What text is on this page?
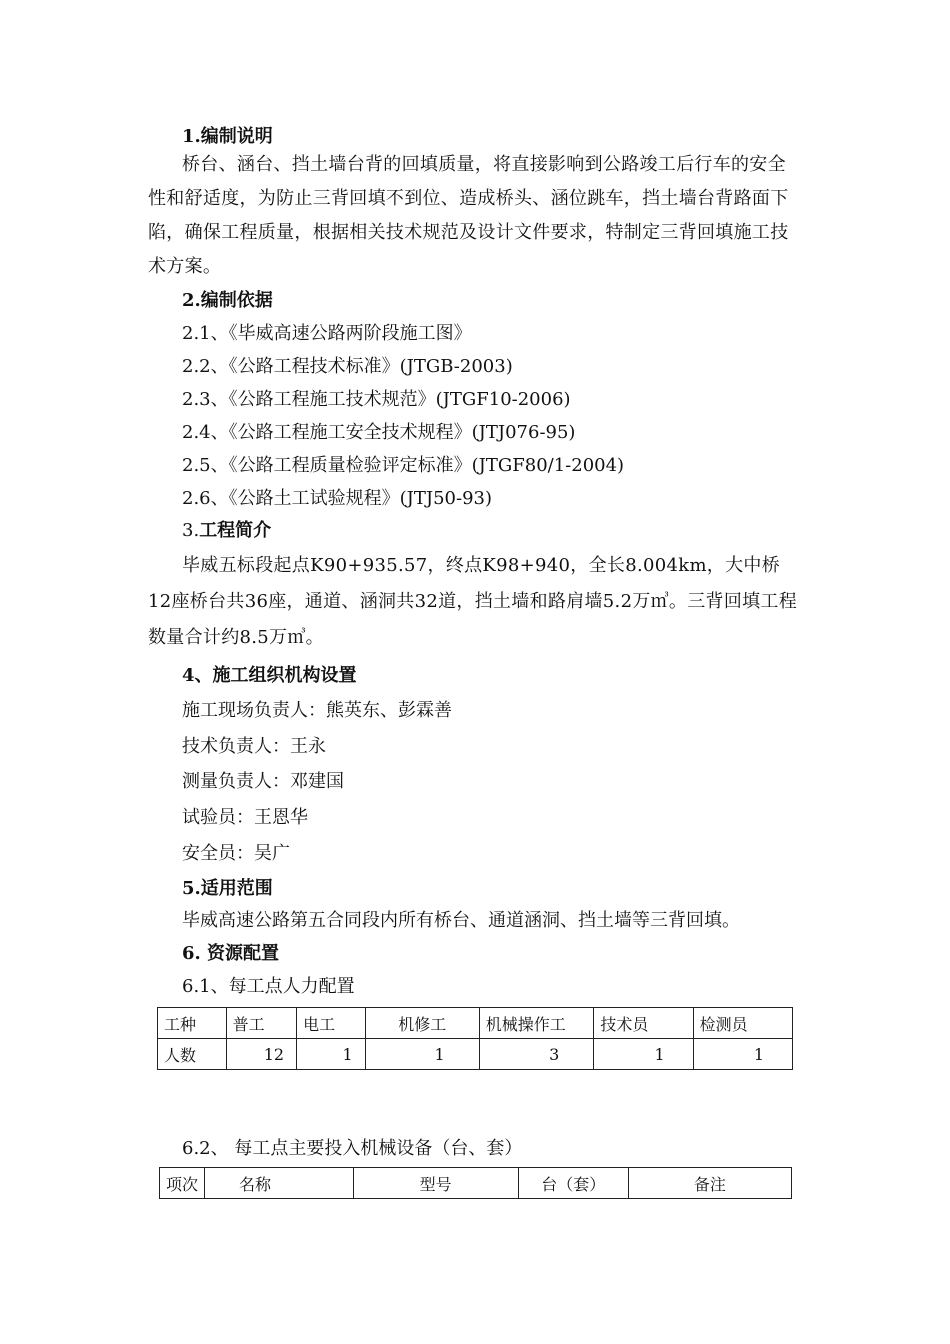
1.编制说明
桥台、涵台、挡土墙台背的回填质量，将直接影响到公路竣工后行车的安全性和舒适度，为防止三背回填不到位、造成桥头、涵位跳车，挡土墙台背路面下陷，确保工程质量，根据相关技术规范及设计文件要求，特制定三背回填施工技术方案。
2.编制依据
2.1、《毕威高速公路两阶段施工图》
2.2、《公路工程技术标准》(JTGB-2003)
2.3、《公路工程施工技术规范》(JTGF10-2006)
2.4、《公路工程施工安全技术规程》(JTJ076-95)
2.5、《公路工程质量检验评定标准》(JTGF80/1-2004)
2.6、《公路土工试验规程》(JTJ50-93)
3.工程简介
毕威五标段起点K90+935.57，终点K98+940，全长8.004km，大中桥12座桥台共36座，通道、涵洞共32道，挡土墙和路肩墙5.2万㎥。三背回填工程数量合计约8.5万㎥。
4、施工组织机构设置
施工现场负责人：熊英东、彭霖善
技术负责人：王永
测量负责人：邓建国
试验员：王恩华
安全员：吴广
5.适用范围
毕威高速公路第五合同段内所有桥台、通道涵洞、挡土墙等三背回填。
6. 资源配置
6.1、每工点人力配置
工种	普工	电工	机修工	机械操作工	技术员	检测员
人数	12	1	1	3	1	1
6.2、 每工点主要投入机械设备（台、套）
项次	名称	型号	台（套）	备注
